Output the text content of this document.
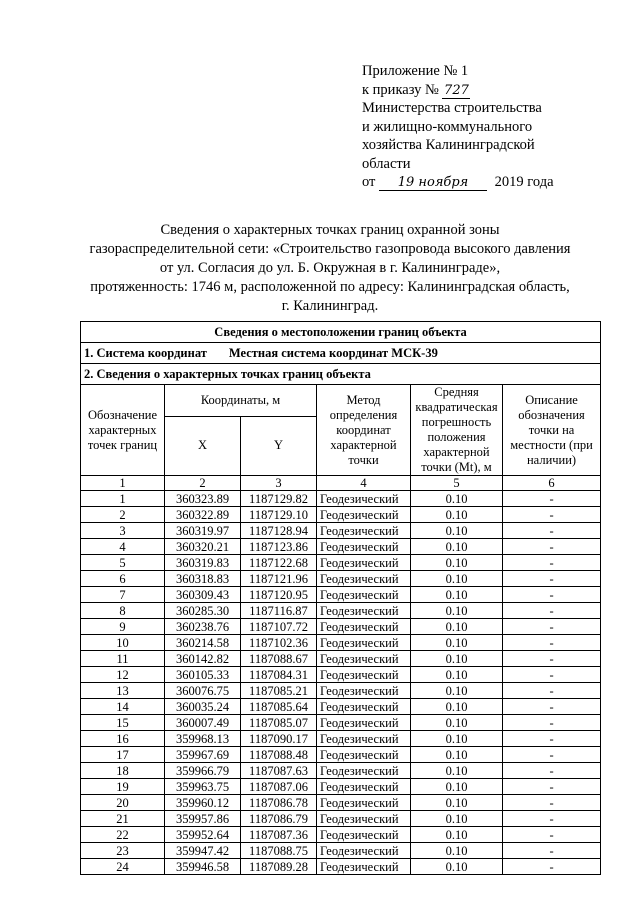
Приложение № 1
к приказу № 727
Министерства строительства
и жилищно-коммунального
хозяйства Калининградской
области
от 19 ноября 2019 года
Сведения о характерных точках границ охранной зоны
газораспределительной сети: «Строительство газопровода высокого давления
от ул. Согласия до ул. Б. Окружная в г. Калининграде»,
протяженность: 1746 м, расположенной по адресу: Калининградская область,
г. Калининград.
Сведения о местоположении границ объекта					
1. Система координат Местная система координат МСК-39					
2. Сведения о характерных точках границ объекта					
Обозначение характерных точек границ	Координаты, м		Метод определения координат характерной точки	Средняя квадратическая погрешность положения характерной точки (Mt), м	Описание обозначения точки на местности (при наличии)
	X	Y			
1	2	3	4	5	6
1	360323.89	1187129.82	Геодезический	0.10	-
2	360322.89	1187129.10	Геодезический	0.10	-
3	360319.97	1187128.94	Геодезический	0.10	-
4	360320.21	1187123.86	Геодезический	0.10	-
5	360319.83	1187122.68	Геодезический	0.10	-
6	360318.83	1187121.96	Геодезический	0.10	-
7	360309.43	1187120.95	Геодезический	0.10	-
8	360285.30	1187116.87	Геодезический	0.10	-
9	360238.76	1187107.72	Геодезический	0.10	-
10	360214.58	1187102.36	Геодезический	0.10	-
11	360142.82	1187088.67	Геодезический	0.10	-
12	360105.33	1187084.31	Геодезический	0.10	-
13	360076.75	1187085.21	Геодезический	0.10	-
14	360035.24	1187085.64	Геодезический	0.10	-
15	360007.49	1187085.07	Геодезический	0.10	-
16	359968.13	1187090.17	Геодезический	0.10	-
17	359967.69	1187088.48	Геодезический	0.10	-
18	359966.79	1187087.63	Геодезический	0.10	-
19	359963.75	1187087.06	Геодезический	0.10	-
20	359960.12	1187086.78	Геодезический	0.10	-
21	359957.86	1187086.79	Геодезический	0.10	-
22	359952.64	1187087.36	Геодезический	0.10	-
23	359947.42	1187088.75	Геодезический	0.10	-
24	359946.58	1187089.28	Геодезический	0.10	-
